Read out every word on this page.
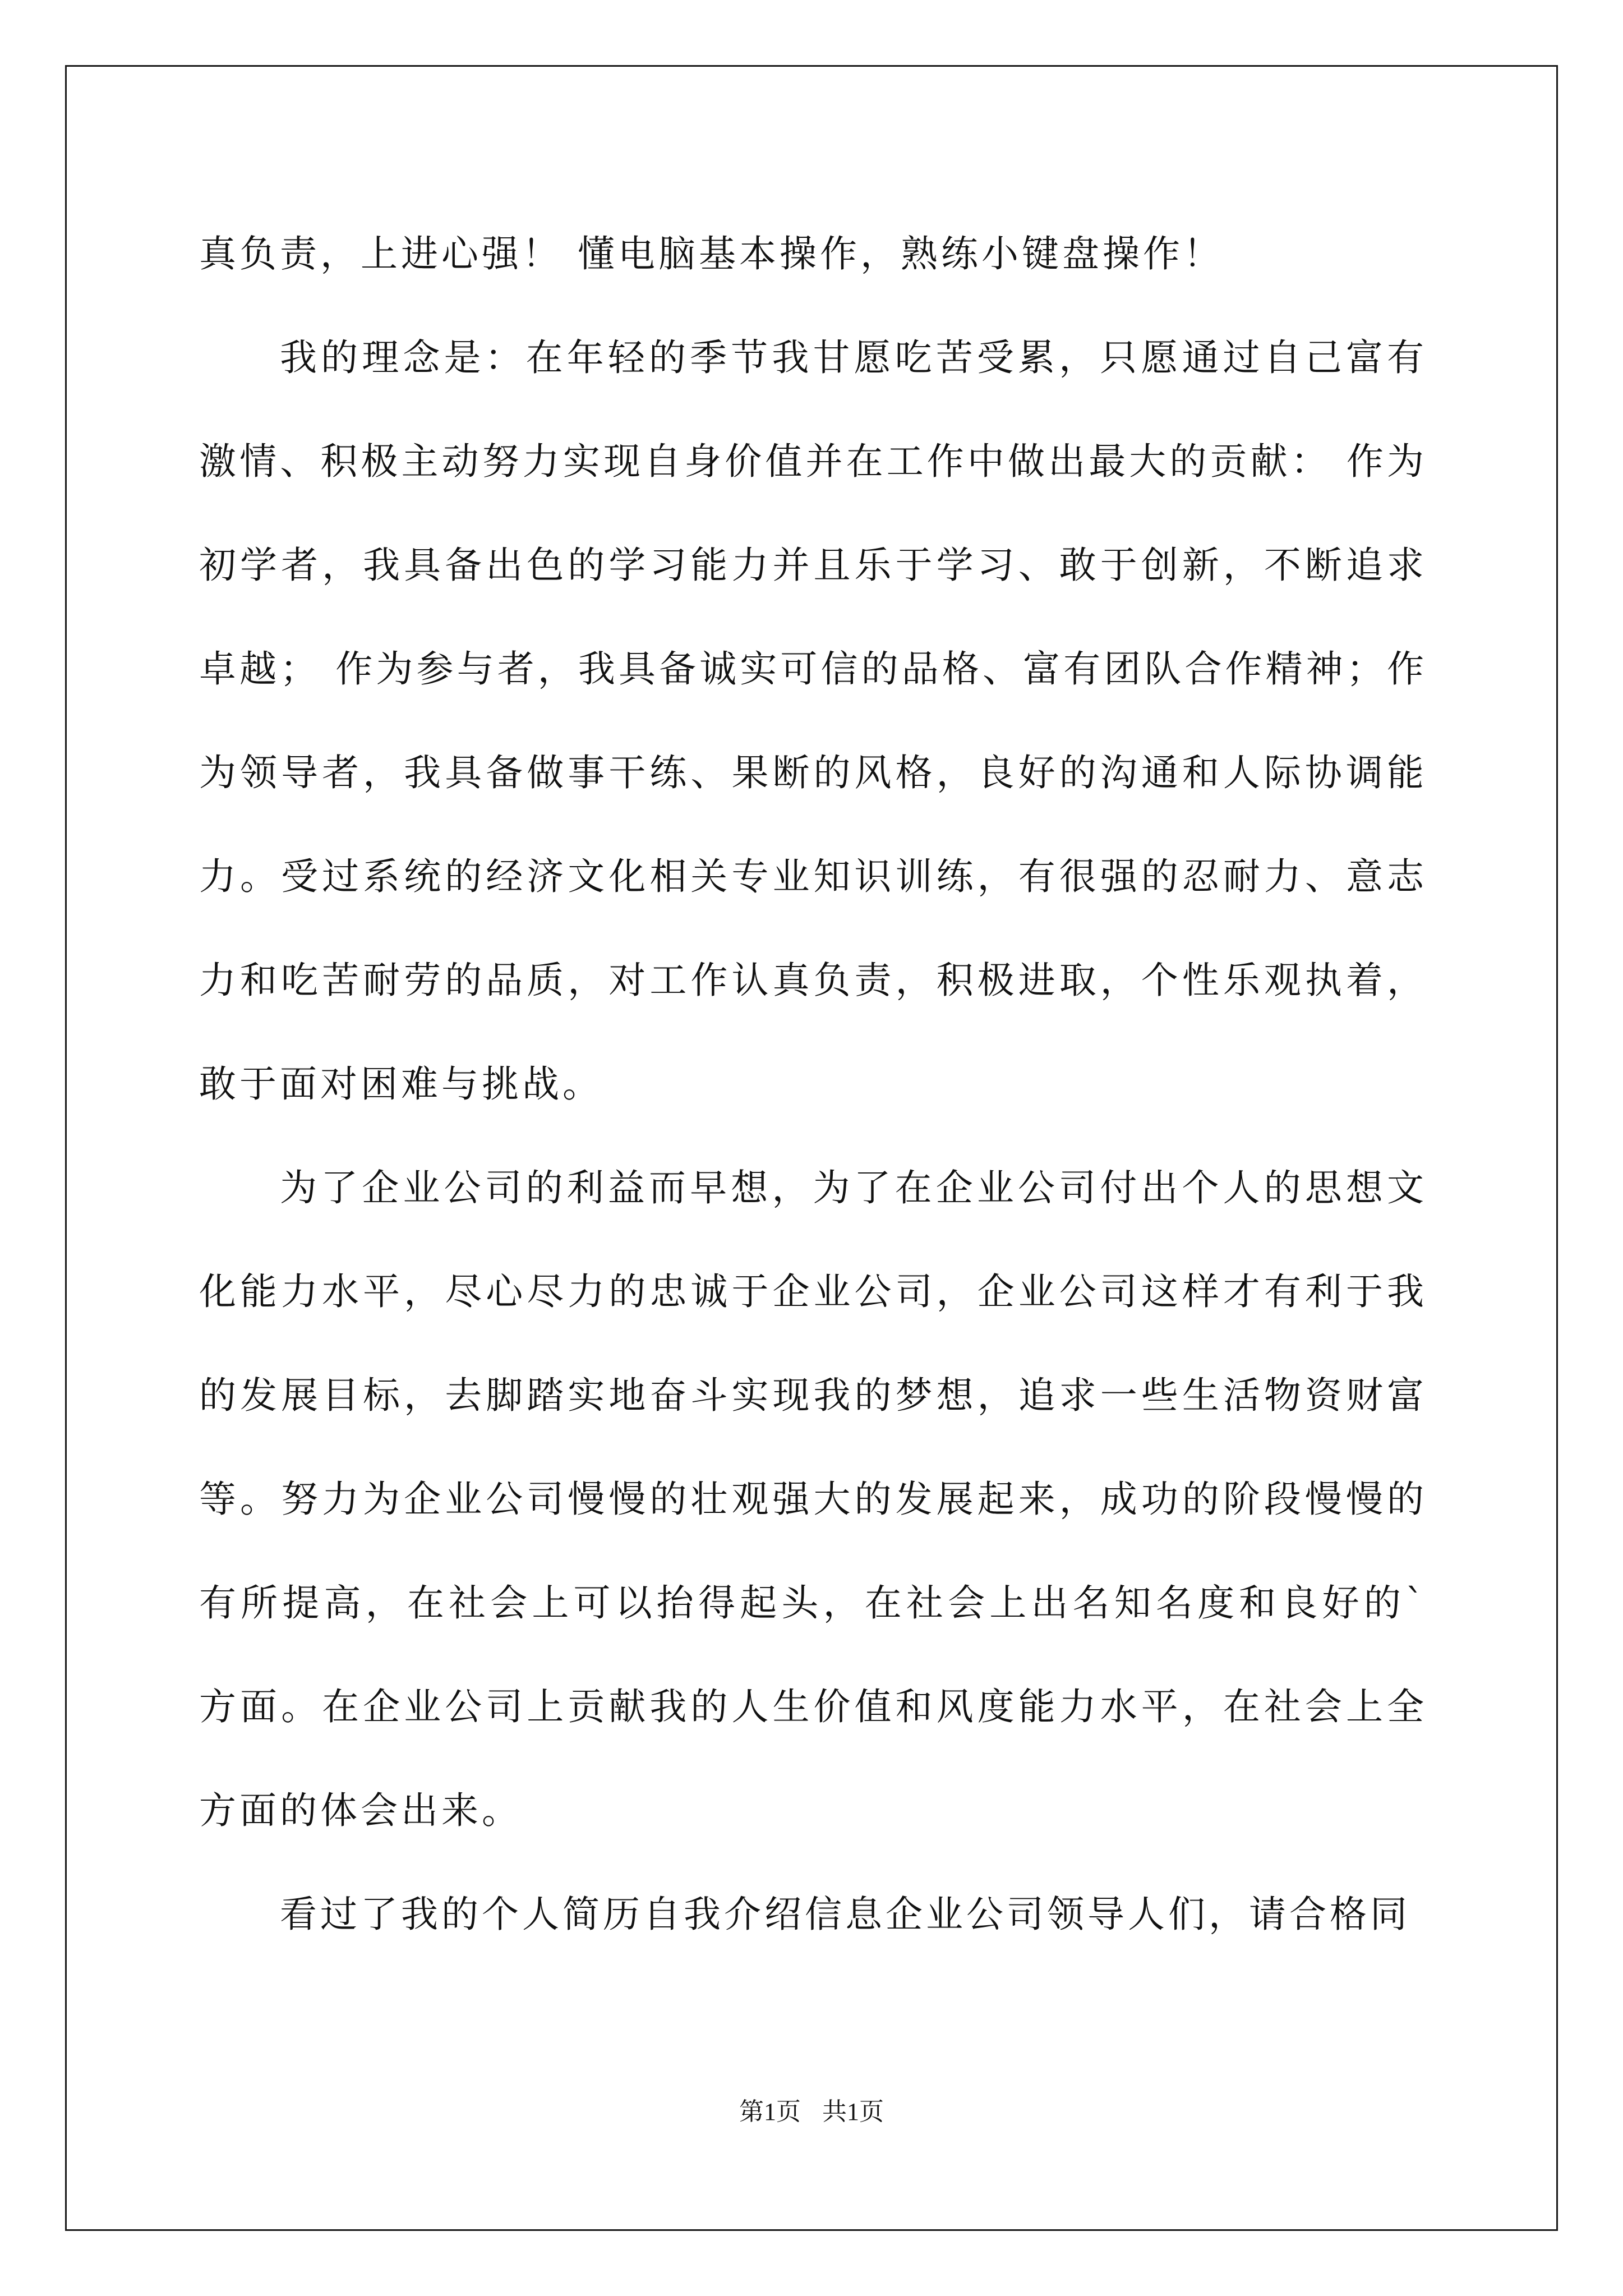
真负责，上进心强！ 懂电脑基本操作，熟练小键盘操作！

我的理念是：在年轻的季节我甘愿吃苦受累，只愿通过自己富有激情、积极主动努力实现自身价值并在工作中做出最大的贡献： 作为初学者，我具备出色的学习能力并且乐于学习、敢于创新，不断追求卓越； 作为参与者，我具备诚实可信的品格、富有团队合作精神；作为领导者，我具备做事干练、果断的风格，良好的沟通和人际协调能力。受过系统的经济文化相关专业知识训练，有很强的忍耐力、意志力和吃苦耐劳的品质，对工作认真负责，积极进取，个性乐观执着，敢于面对困难与挑战。

为了企业公司的利益而早想，为了在企业公司付出个人的思想文化能力水平，尽心尽力的忠诚于企业公司，企业公司这样才有利于我的发展目标，去脚踏实地奋斗实现我的梦想，追求一些生活物资财富等。努力为企业公司慢慢的壮观强大的发展起来，成功的阶段慢慢的有所提高，在社会上可以抬得起头，在社会上出名知名度和良好的`方面。在企业公司上贡献我的人生价值和风度能力水平，在社会上全方面的体会出来。

看过了我的个人简历自我介绍信息企业公司领导人们，请合格同

第1页 共1页
